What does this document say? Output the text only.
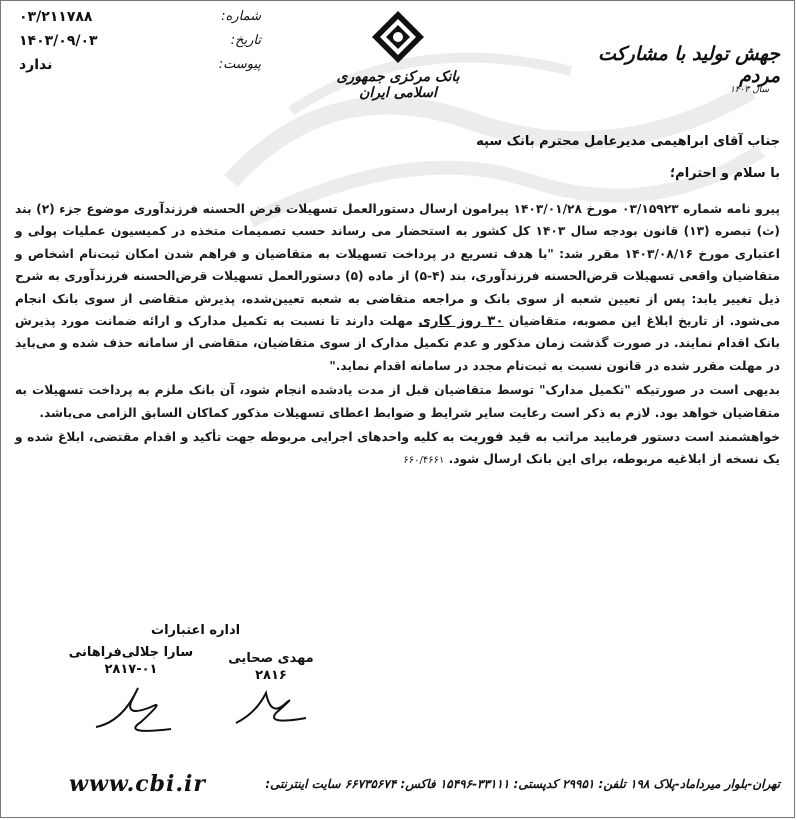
۰۳/۲۱۱۷۸۸	شماره:
۱۴۰۳/۰۹/۰۳	تاریخ:
ندارد	پیوست:
بانک مرکزی جمهوری اسلامی ایران
جهش تولید با مشارکت مردم
سال ۱۴۰۳
جناب آقای ابراهیمی مدیرعامل محترم بانک سپه
با سلام و احترام؛

پیرو نامه شماره ۰۳/۱۵۹۲۳ مورخ ۱۴۰۳/۰۱/۲۸ پیرامون ارسال دستورالعمل تسهیلات قرض الحسنه فرزندآوری موضوع جزء (۲) بند (ث) تبصره (۱۳) قانون بودجه سال ۱۴۰۳ کل کشور به استحضار می رساند حسب تصمیمات متخذه در کمیسیون عملیات پولی و اعتباری مورخ ۱۴۰۳/۰۸/۱۶ مقرر شد: "با هدف تسریع در پرداخت تسهیلات به متقاضیان و فراهم شدن امکان ثبت‌نام اشخاص و متقاضیان واقعی تسهیلات قرض‌الحسنه فرزندآوری، بند (۴-۵) از ماده (۵) دستورالعمل تسهیلات قرض‌الحسنه فرزندآوری به شرح ذیل تغییر یابد: پس از تعیین شعبه از سوی بانک و مراجعه متقاضی به شعبه تعیین‌شده، پذیرش متقاضی از سوی بانک انجام می‌شود. از تاریخ ابلاغ این مصوبه، متقاضیان ۳۰ روز کاری مهلت دارند تا نسبت به تکمیل مدارک و ارائه ضمانت مورد پذیرش بانک اقدام نمایند. در صورت گذشت زمان مذکور و عدم تکمیل مدارک از سوی متقاضیان، متقاضی از سامانه حذف شده و می‌باید در مهلت مقرر شده در قانون نسبت به ثبت‌نام مجدد در سامانه اقدام نماید."

بدیهی است در صورتیکه "تکمیل مدارک" توسط متقاضیان قبل از مدت یادشده انجام شود، آن بانک ملزم به پرداخت تسهیلات به متقاضیان خواهد بود. لازم به ذکر است رعایت سایر شرایط و ضوابط اعطای تسهیلات مذکور کماکان السابق الزامی می‌باشد.

خواهشمند است دستور فرمایید مراتب به قید فوریت به کلیه واحدهای اجرایی مربوطه جهت تأکید و اقدام مقتضی، ابلاغ شده و یک نسخه از ابلاغیه مربوطه، برای این بانک ارسال شود. ۶۶۰/۴۶۶۱

اداره اعتبارات
مهدی صحایی
۲۸۱۶
سارا جلالی‌فراهانی
۲۸۱۷-۰۱
www.cbi.ir	تهران-بلوار میرداماد-پلاک ۱۹۸ تلفن: ۲۹۹۵۱ کدپستی: ۳۳۱۱۱-۱۵۴۹۶ فاکس: ۶۶۷۳۵۶۷۴ سایت اینترنتی:
